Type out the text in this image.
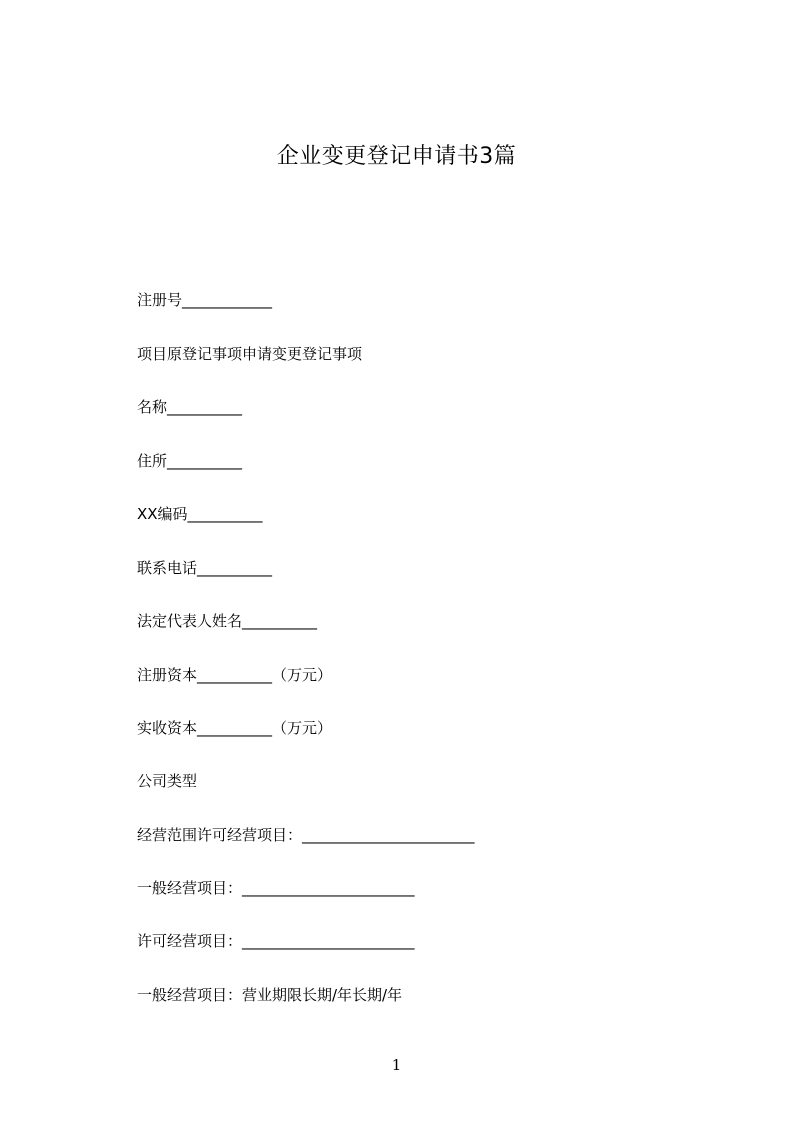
企业变更登记申请书3篇
注册号____________
项目原登记事项申请变更登记事项
名称__________
住所__________
XX编码__________
联系电话__________
法定代表人姓名__________
注册资本__________（万元）
实收资本__________（万元）
公司类型
经营范围许可经营项目：_______________________
一般经营项目：_______________________
许可经营项目：_______________________
一般经营项目：营业期限长期/年长期/年
1
